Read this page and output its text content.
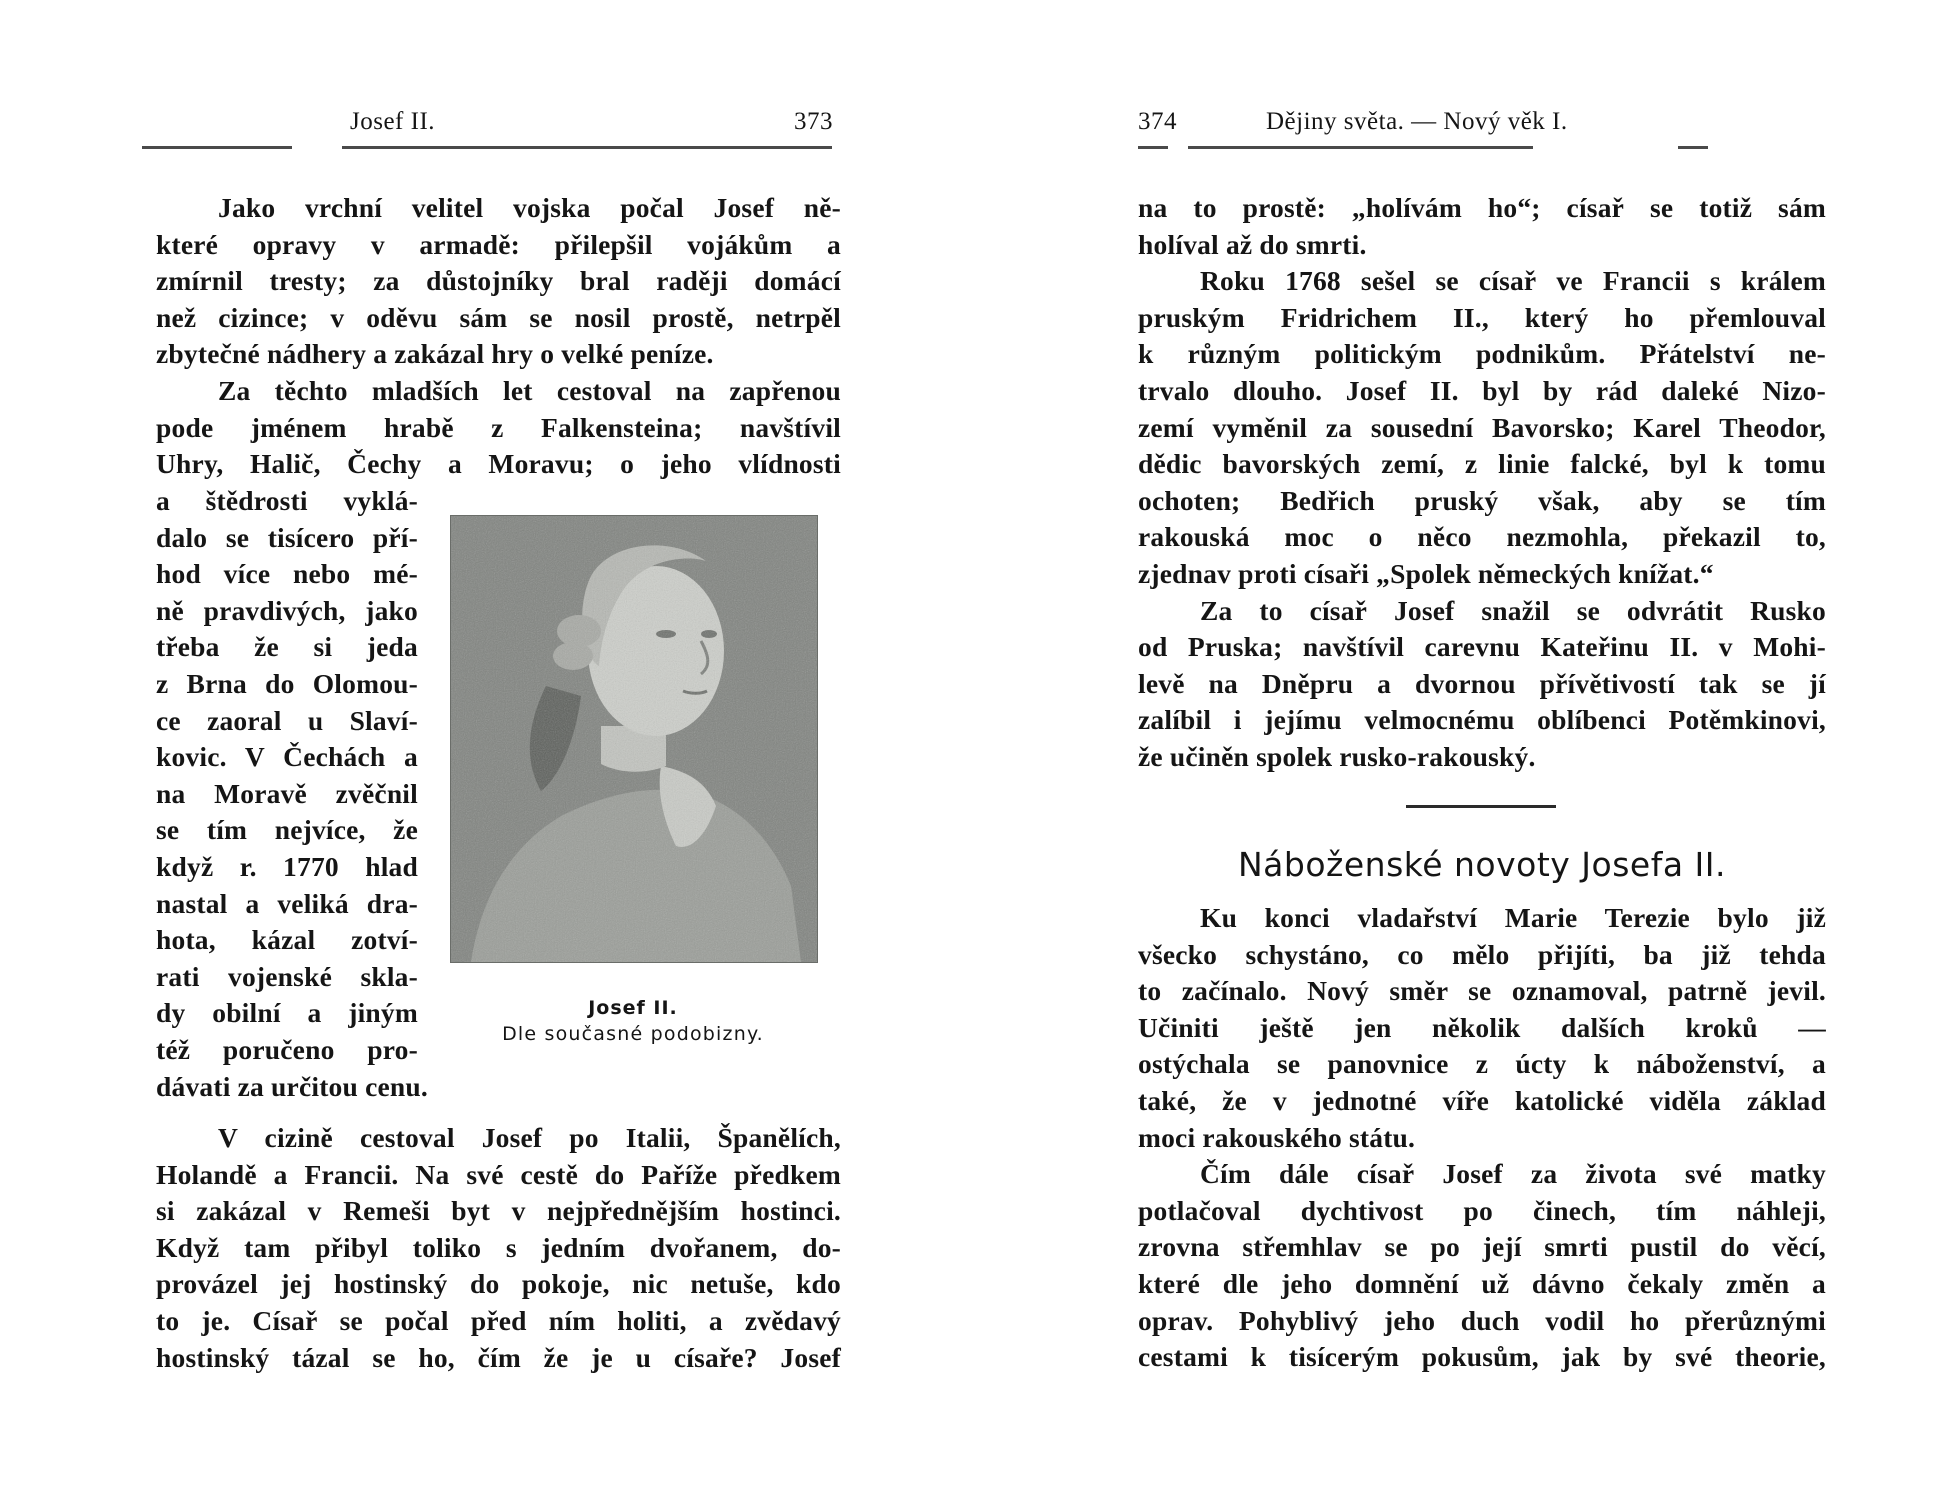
Josef II.	373
Jako vrchní velitel vojska počal Josef ně-
které opravy v armadě: přilepšil vojákům a
zmírnil tresty; za důstojníky bral raději domácí
než cizince; v oděvu sám se nosil prostě, netrpěl
zbytečné nádhery a zakázal hry o velké peníze.
Za těchto mladších let cestoval na zapřenou
pode jménem hrabě z Falkensteina; navštívil
Uhry, Halič, Čechy a Moravu; o jeho vlídnosti
a štědrosti vyklá-
dalo se tisícero pří-
hod více nebo mé-
ně pravdivých, jako
třeba že si jeda
z Brna do Olomou-
ce zaoral u Slaví-
kovic. V Čechách a
na Moravě zvěčnil
se tím nejvíce, že
když r. 1770 hlad
nastal a veliká dra-
hota, kázal zotví-
rati vojenské skla-
dy obilní a jiným
též poručeno pro-
dávati za určitou cenu.
Josef II.
Dle současné podobizny.
V cizině cestoval Josef po Italii, Španělích,
Holandě a Francii. Na své cestě do Paříže předkem
si zakázal v Remeši byt v nejpřednějším hostinci.
Když tam přibyl toliko s jedním dvořanem, do-
provázel jej hostinský do pokoje, nic netuše, kdo
to je. Císař se počal před ním holiti, a zvědavý
hostinský tázal se ho, čím že je u císaře? Josef
374	Dějiny světa. — Nový věk I.
na to prostě: „holívám ho“; císař se totiž sám
holíval až do smrti.
Roku 1768 sešel se císař ve Francii s králem
pruským Fridrichem II., který ho přemlouval
k různým politickým podnikům. Přátelství ne-
trvalo dlouho. Josef II. byl by rád daleké Nizo-
zemí vyměnil za sousední Bavorsko; Karel Theodor,
dědic bavorských zemí, z linie falcké, byl k tomu
ochoten; Bedřich pruský však, aby se tím
rakouská moc o něco nezmohla, překazil to,
zjednav proti císaři „Spolek německých knížat.“
Za to císař Josef snažil se odvrátit Rusko
od Pruska; navštívil carevnu Kateřinu II. v Mohi-
levě na Dněpru a dvornou přívětivostí tak se jí
zalíbil i jejímu velmocnému oblíbenci Potěmkinovi,
že učiněn spolek rusko-rakouský.
Náboženské novoty Josefa II.
Ku konci vladařství Marie Terezie bylo již
všecko schystáno, co mělo přijíti, ba již tehda
to začínalo. Nový směr se oznamoval, patrně jevil.
Učiniti ještě jen několik dalších kroků —
ostýchala se panovnice z úcty k náboženství, a
také, že v jednotné víře katolické viděla základ
moci rakouského státu.
Čím dále císař Josef za života své matky
potlačoval dychtivost po činech, tím náhleji,
zrovna střemhlav se po její smrti pustil do věcí,
které dle jeho domnění už dávno čekaly změn a
oprav. Pohyblivý jeho duch vodil ho přerůznými
cestami k tisícerým pokusům, jak by své theorie,
